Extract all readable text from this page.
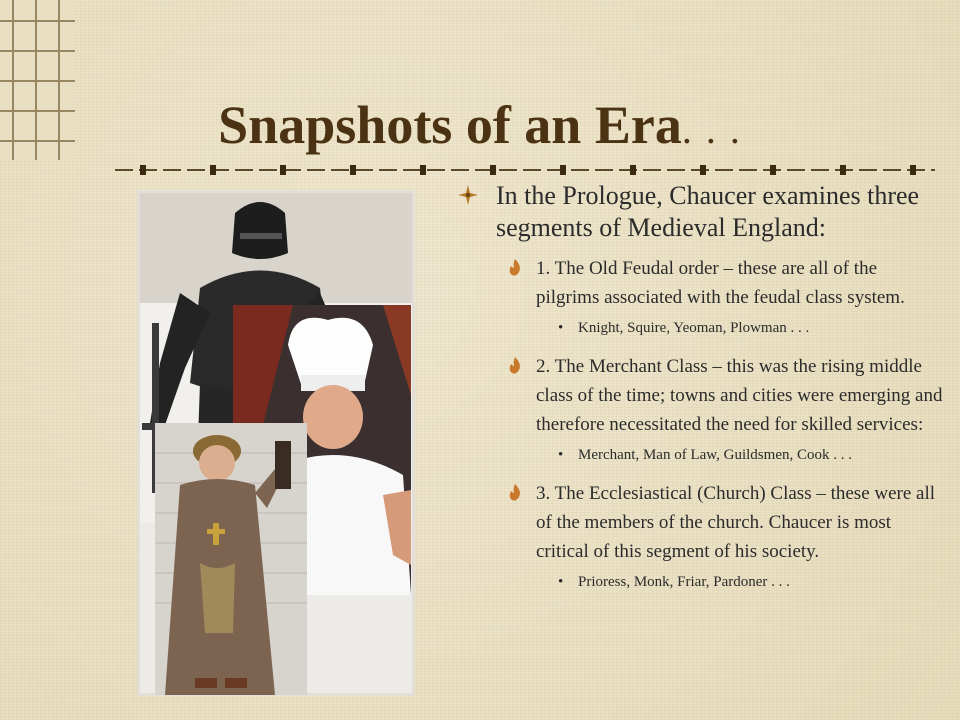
Snapshots of an Era. . .
In the Prologue, Chaucer examines three segments of Medieval England:
1. The Old Feudal order – these are all of the pilgrims associated with the feudal class system.
• Knight, Squire, Yeoman, Plowman . . .
2. The Merchant Class – this was the rising middle class of the time; towns and cities were emerging and therefore necessitated the need for skilled services:
• Merchant, Man of Law, Guildsmen, Cook . . .
3. The Ecclesiastical (Church) Class – these were all of the members of the church. Chaucer is most critical of this segment of his society.
• Prioress, Monk, Friar, Pardoner . . .
